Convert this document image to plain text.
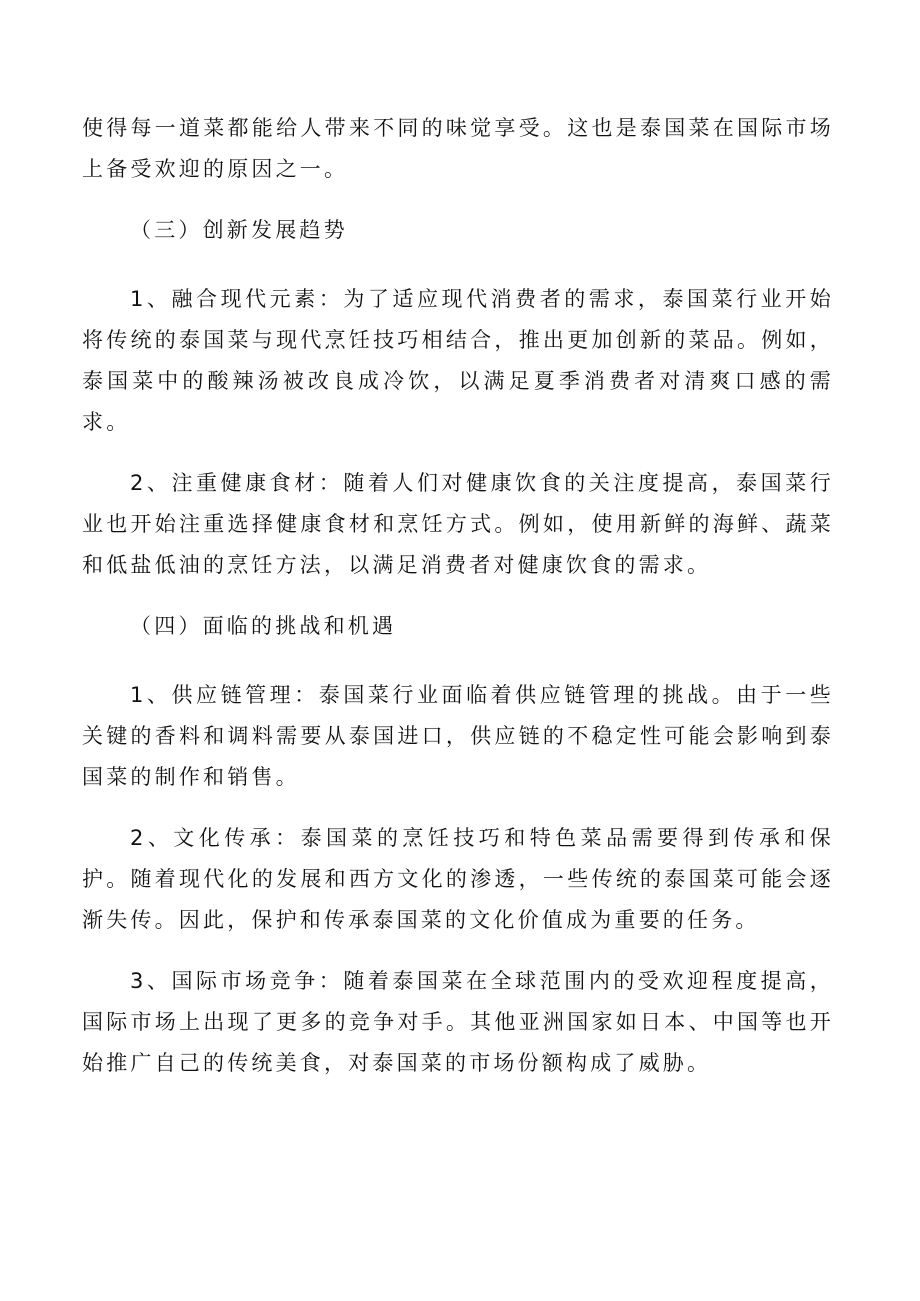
使得每一道菜都能给人带来不同的味觉享受。这也是泰国菜在国际市场上备受欢迎的原因之一。

（三）创新发展趋势

1、融合现代元素：为了适应现代消费者的需求，泰国菜行业开始将传统的泰国菜与现代烹饪技巧相结合，推出更加创新的菜品。例如，泰国菜中的酸辣汤被改良成冷饮，以满足夏季消费者对清爽口感的需求。

2、注重健康食材：随着人们对健康饮食的关注度提高，泰国菜行业也开始注重选择健康食材和烹饪方式。例如，使用新鲜的海鲜、蔬菜和低盐低油的烹饪方法，以满足消费者对健康饮食的需求。

（四）面临的挑战和机遇

1、供应链管理：泰国菜行业面临着供应链管理的挑战。由于一些关键的香料和调料需要从泰国进口，供应链的不稳定性可能会影响到泰国菜的制作和销售。

2、文化传承：泰国菜的烹饪技巧和特色菜品需要得到传承和保护。随着现代化的发展和西方文化的渗透，一些传统的泰国菜可能会逐渐失传。因此，保护和传承泰国菜的文化价值成为重要的任务。

3、国际市场竞争：随着泰国菜在全球范围内的受欢迎程度提高，国际市场上出现了更多的竞争对手。其他亚洲国家如日本、中国等也开始推广自己的传统美食，对泰国菜的市场份额构成了威胁。
